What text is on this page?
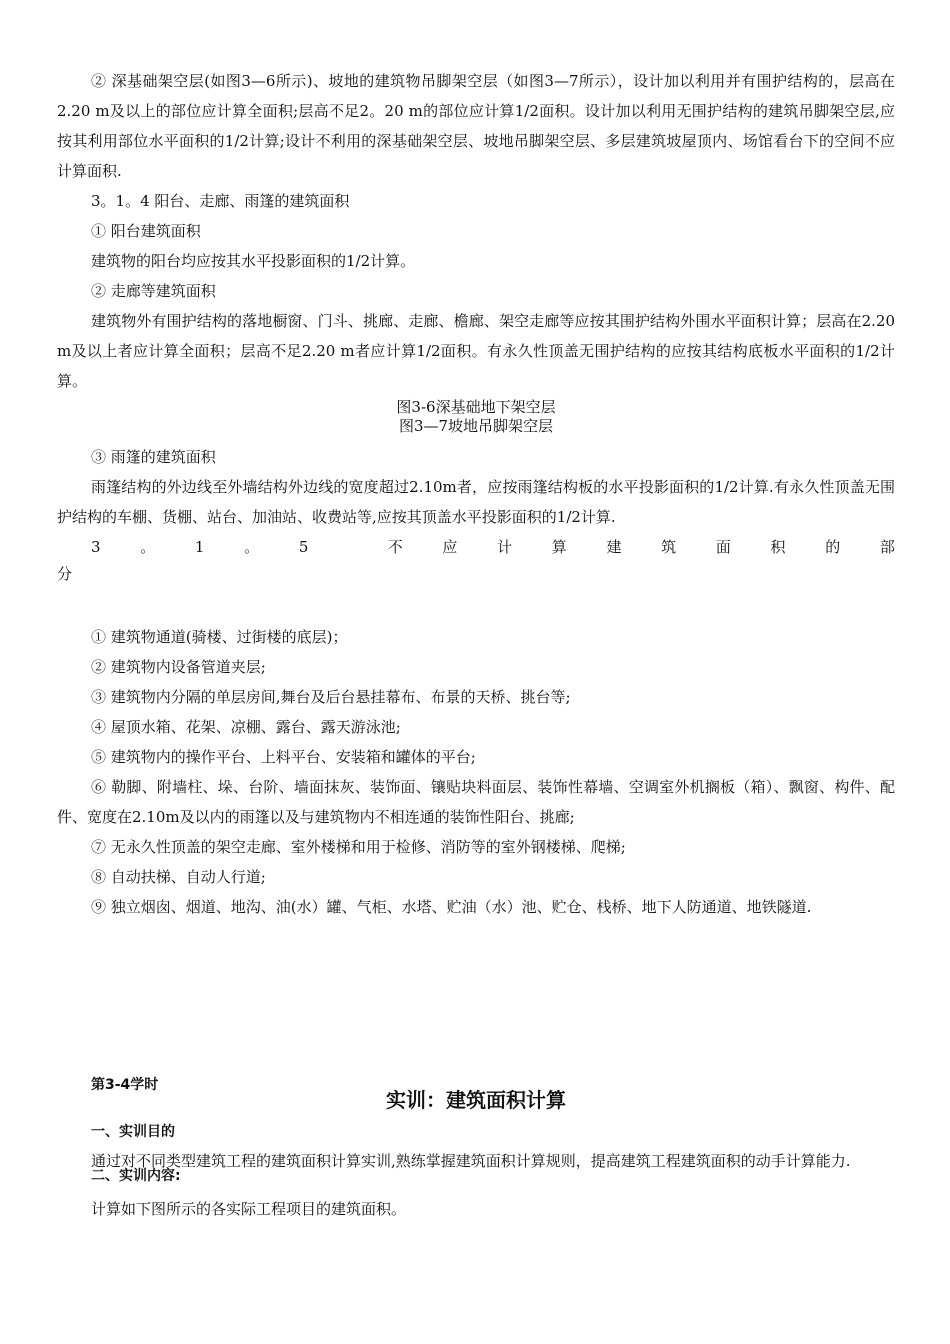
② 深基础架空层(如图3—6所示)、坡地的建筑物吊脚架空层（如图3—7所示），设计加以利用并有围护结构的，层高在2.20 m及以上的部位应计算全面积;层高不足2。20 m的部位应计算1/2面积。设计加以利用无围护结构的建筑吊脚架空层,应按其利用部位水平面积的1/2计算;设计不利用的深基础架空层、坡地吊脚架空层、多层建筑坡屋顶内、场馆看台下的空间不应计算面积.

3。1。4 阳台、走廊、雨篷的建筑面积

① 阳台建筑面积

建筑物的阳台均应按其水平投影面积的1/2计算。

② 走廊等建筑面积

建筑物外有围护结构的落地橱窗、门斗、挑廊、走廊、檐廊、架空走廊等应按其围护结构外围水平面积计算；层高在2.20 m及以上者应计算全面积；层高不足2.20 m者应计算1/2面积。有永久性顶盖无围护结构的应按其结构底板水平面积的1/2计算。

图3-6深基础地下架空层

图3—7坡地吊脚架空层

③ 雨篷的建筑面积

雨篷结构的外边线至外墙结构外边线的宽度超过2.10m者，应按雨篷结构板的水平投影面积的1/2计算.有永久性顶盖无围护结构的车棚、货棚、站台、加油站、收费站等,应按其顶盖水平投影面积的1/2计算.

3	。	1	。	5	不	应	计	算	建	筑	面	积	的	部

分

① 建筑物通道(骑楼、过街楼的底层)；

② 建筑物内设备管道夹层;

③ 建筑物内分隔的单层房间,舞台及后台悬挂幕布、布景的天桥、挑台等;

④ 屋顶水箱、花架、凉棚、露台、露天游泳池;

⑤ 建筑物内的操作平台、上料平台、安装箱和罐体的平台;

⑥ 勒脚、附墙柱、垛、台阶、墙面抹灰、装饰面、镶贴块料面层、装饰性幕墙、空调室外机搁板（箱）、飘窗、构件、配件、宽度在2.10m及以内的雨篷以及与建筑物内不相连通的装饰性阳台、挑廊;

⑦ 无永久性顶盖的架空走廊、室外楼梯和用于检修、消防等的室外钢楼梯、爬梯;

⑧ 自动扶梯、自动人行道;

⑨ 独立烟囱、烟道、地沟、油(水）罐、气柜、水塔、贮油（水）池、贮仓、栈桥、地下人防通道、地铁隧道.

第3-4学时
实训：建筑面积计算
一、实训目的

通过对不同类型建筑工程的建筑面积计算实训,熟练掌握建筑面积计算规则，提高建筑工程建筑面积的动手计算能力.

二、实训内容:

计算如下图所示的各实际工程项目的建筑面积。
